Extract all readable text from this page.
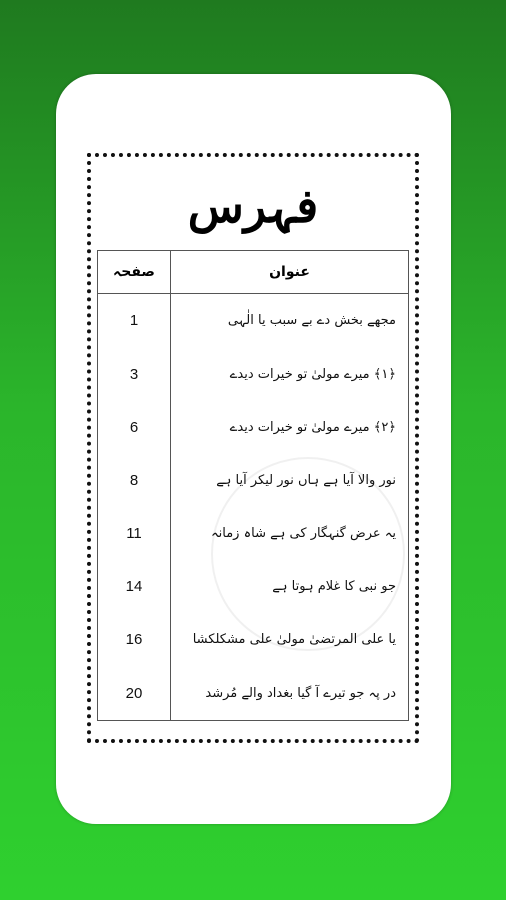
فہرس
عنوان	صفحہ
مجھے بخش دے بے سبب یا الٰہی	1
﴿۱﴾ میرے مولیٰ تو خیرات دیدے	3
﴿۲﴾ میرے مولیٰ تو خیرات دیدے	6
نور والا آیا ہے ہاں نور لیکر آیا ہے	8
یہ عرض گنہگار کی ہے شاہ زمانہ	11
جو نبی کا غلام ہوتا ہے	14
یا علی المرتضیٰ مولیٰ علی مشکلکشا	16
در پہ جو تیرے آ گیا بغداد والے مُرشد	20
